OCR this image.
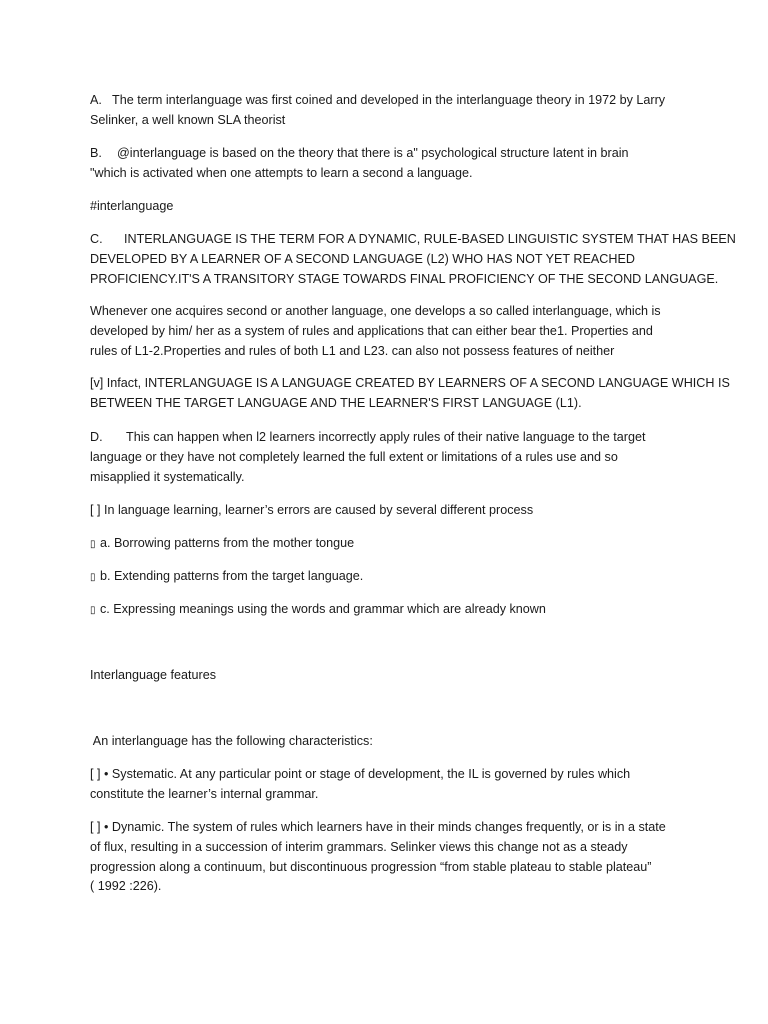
A. The term interlanguage was first coined and developed in the interlanguage theory in 1972 by Larry
Selinker, a well known SLA theorist

B. @interlanguage is based on the theory that there is a" psychological structure latent in brain
"which is activated when one attempts to learn a second a language.

#interlanguage

C. INTERLANGUAGE IS THE TERM FOR A DYNAMIC, RULE-BASED LINGUISTIC SYSTEM THAT HAS BEEN
DEVELOPED BY A LEARNER OF A SECOND LANGUAGE (L2) WHO HAS NOT YET REACHED
PROFICIENCY.IT'S A TRANSITORY STAGE TOWARDS FINAL PROFICIENCY OF THE SECOND LANGUAGE.

Whenever one acquires second or another language, one develops a so called interlanguage, which is
developed by him/ her as a system of rules and applications that can either bear the1. Properties and
rules of L1-2.Properties and rules of both L1 and L23. can also not possess features of neither

[v] Infact, INTERLANGUAGE IS A LANGUAGE CREATED BY LEARNERS OF A SECOND LANGUAGE WHICH IS
BETWEEN THE TARGET LANGUAGE AND THE LEARNER'S FIRST LANGUAGE (L1).

D. This can happen when l2 learners incorrectly apply rules of their native language to the target
language or they have not completely learned the full extent or limitations of a rules use and so
misapplied it systematically.

[ ] In language learning, learner’s errors are caused by several different process

▯ a. Borrowing patterns from the mother tongue

▯ b. Extending patterns from the target language.

▯ c. Expressing meanings using the words and grammar which are already known

Interlanguage features

An interlanguage has the following characteristics:

[ ] • Systematic. At any particular point or stage of development, the IL is governed by rules which
constitute the learner’s internal grammar.

[ ] • Dynamic. The system of rules which learners have in their minds changes frequently, or is in a state
of flux, resulting in a succession of interim grammars. Selinker views this change not as a steady
progression along a continuum, but discontinuous progression “from stable plateau to stable plateau”
( 1992 :226).
